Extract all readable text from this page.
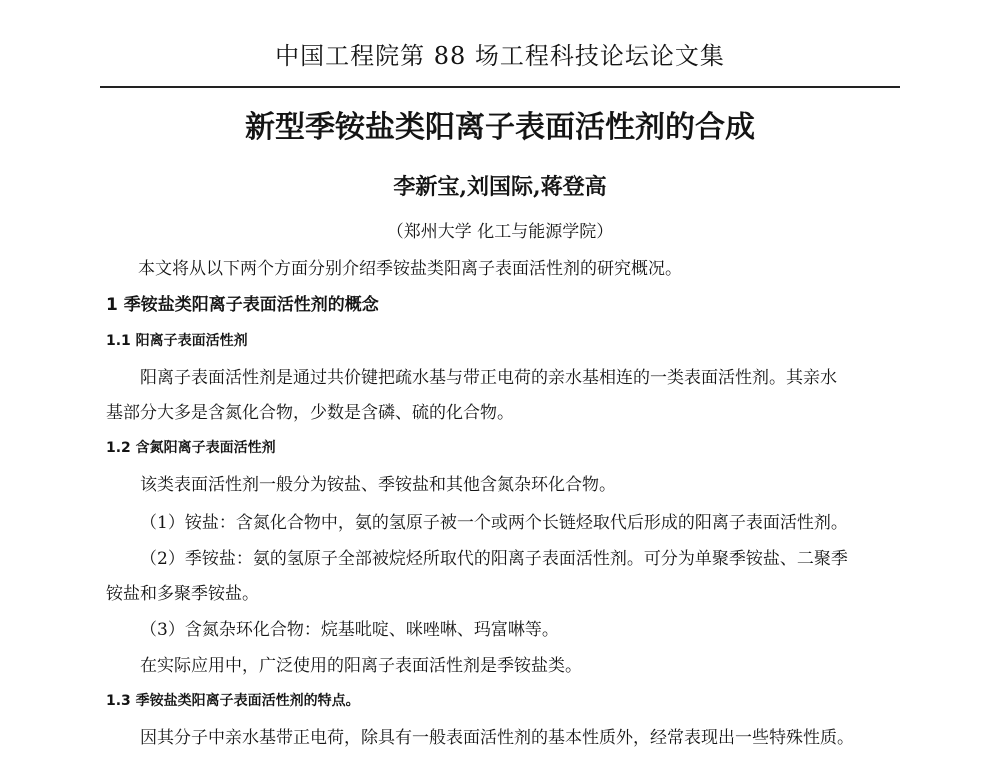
中国工程院第 88 场工程科技论坛论文集
新型季铵盐类阳离子表面活性剂的合成
李新宝,刘国际,蒋登高
（郑州大学 化工与能源学院）
本文将从以下两个方面分别介绍季铵盐类阳离子表面活性剂的研究概况。
1 季铵盐类阳离子表面活性剂的概念
1.1 阳离子表面活性剂
阳离子表面活性剂是通过共价键把疏水基与带正电荷的亲水基相连的一类表面活性剂。其亲水
基部分大多是含氮化合物，少数是含磷、硫的化合物。
1.2 含氮阳离子表面活性剂
该类表面活性剂一般分为铵盐、季铵盐和其他含氮杂环化合物。
（1）铵盐：含氮化合物中，氨的氢原子被一个或两个长链烃取代后形成的阳离子表面活性剂。
（2）季铵盐：氨的氢原子全部被烷烃所取代的阳离子表面活性剂。可分为单聚季铵盐、二聚季
铵盐和多聚季铵盐。
（3）含氮杂环化合物：烷基吡啶、咪唑啉、玛富啉等。
在实际应用中，广泛使用的阳离子表面活性剂是季铵盐类。
1.3 季铵盐类阳离子表面活性剂的特点。
因其分子中亲水基带正电荷，除具有一般表面活性剂的基本性质外，经常表现出一些特殊性质。
